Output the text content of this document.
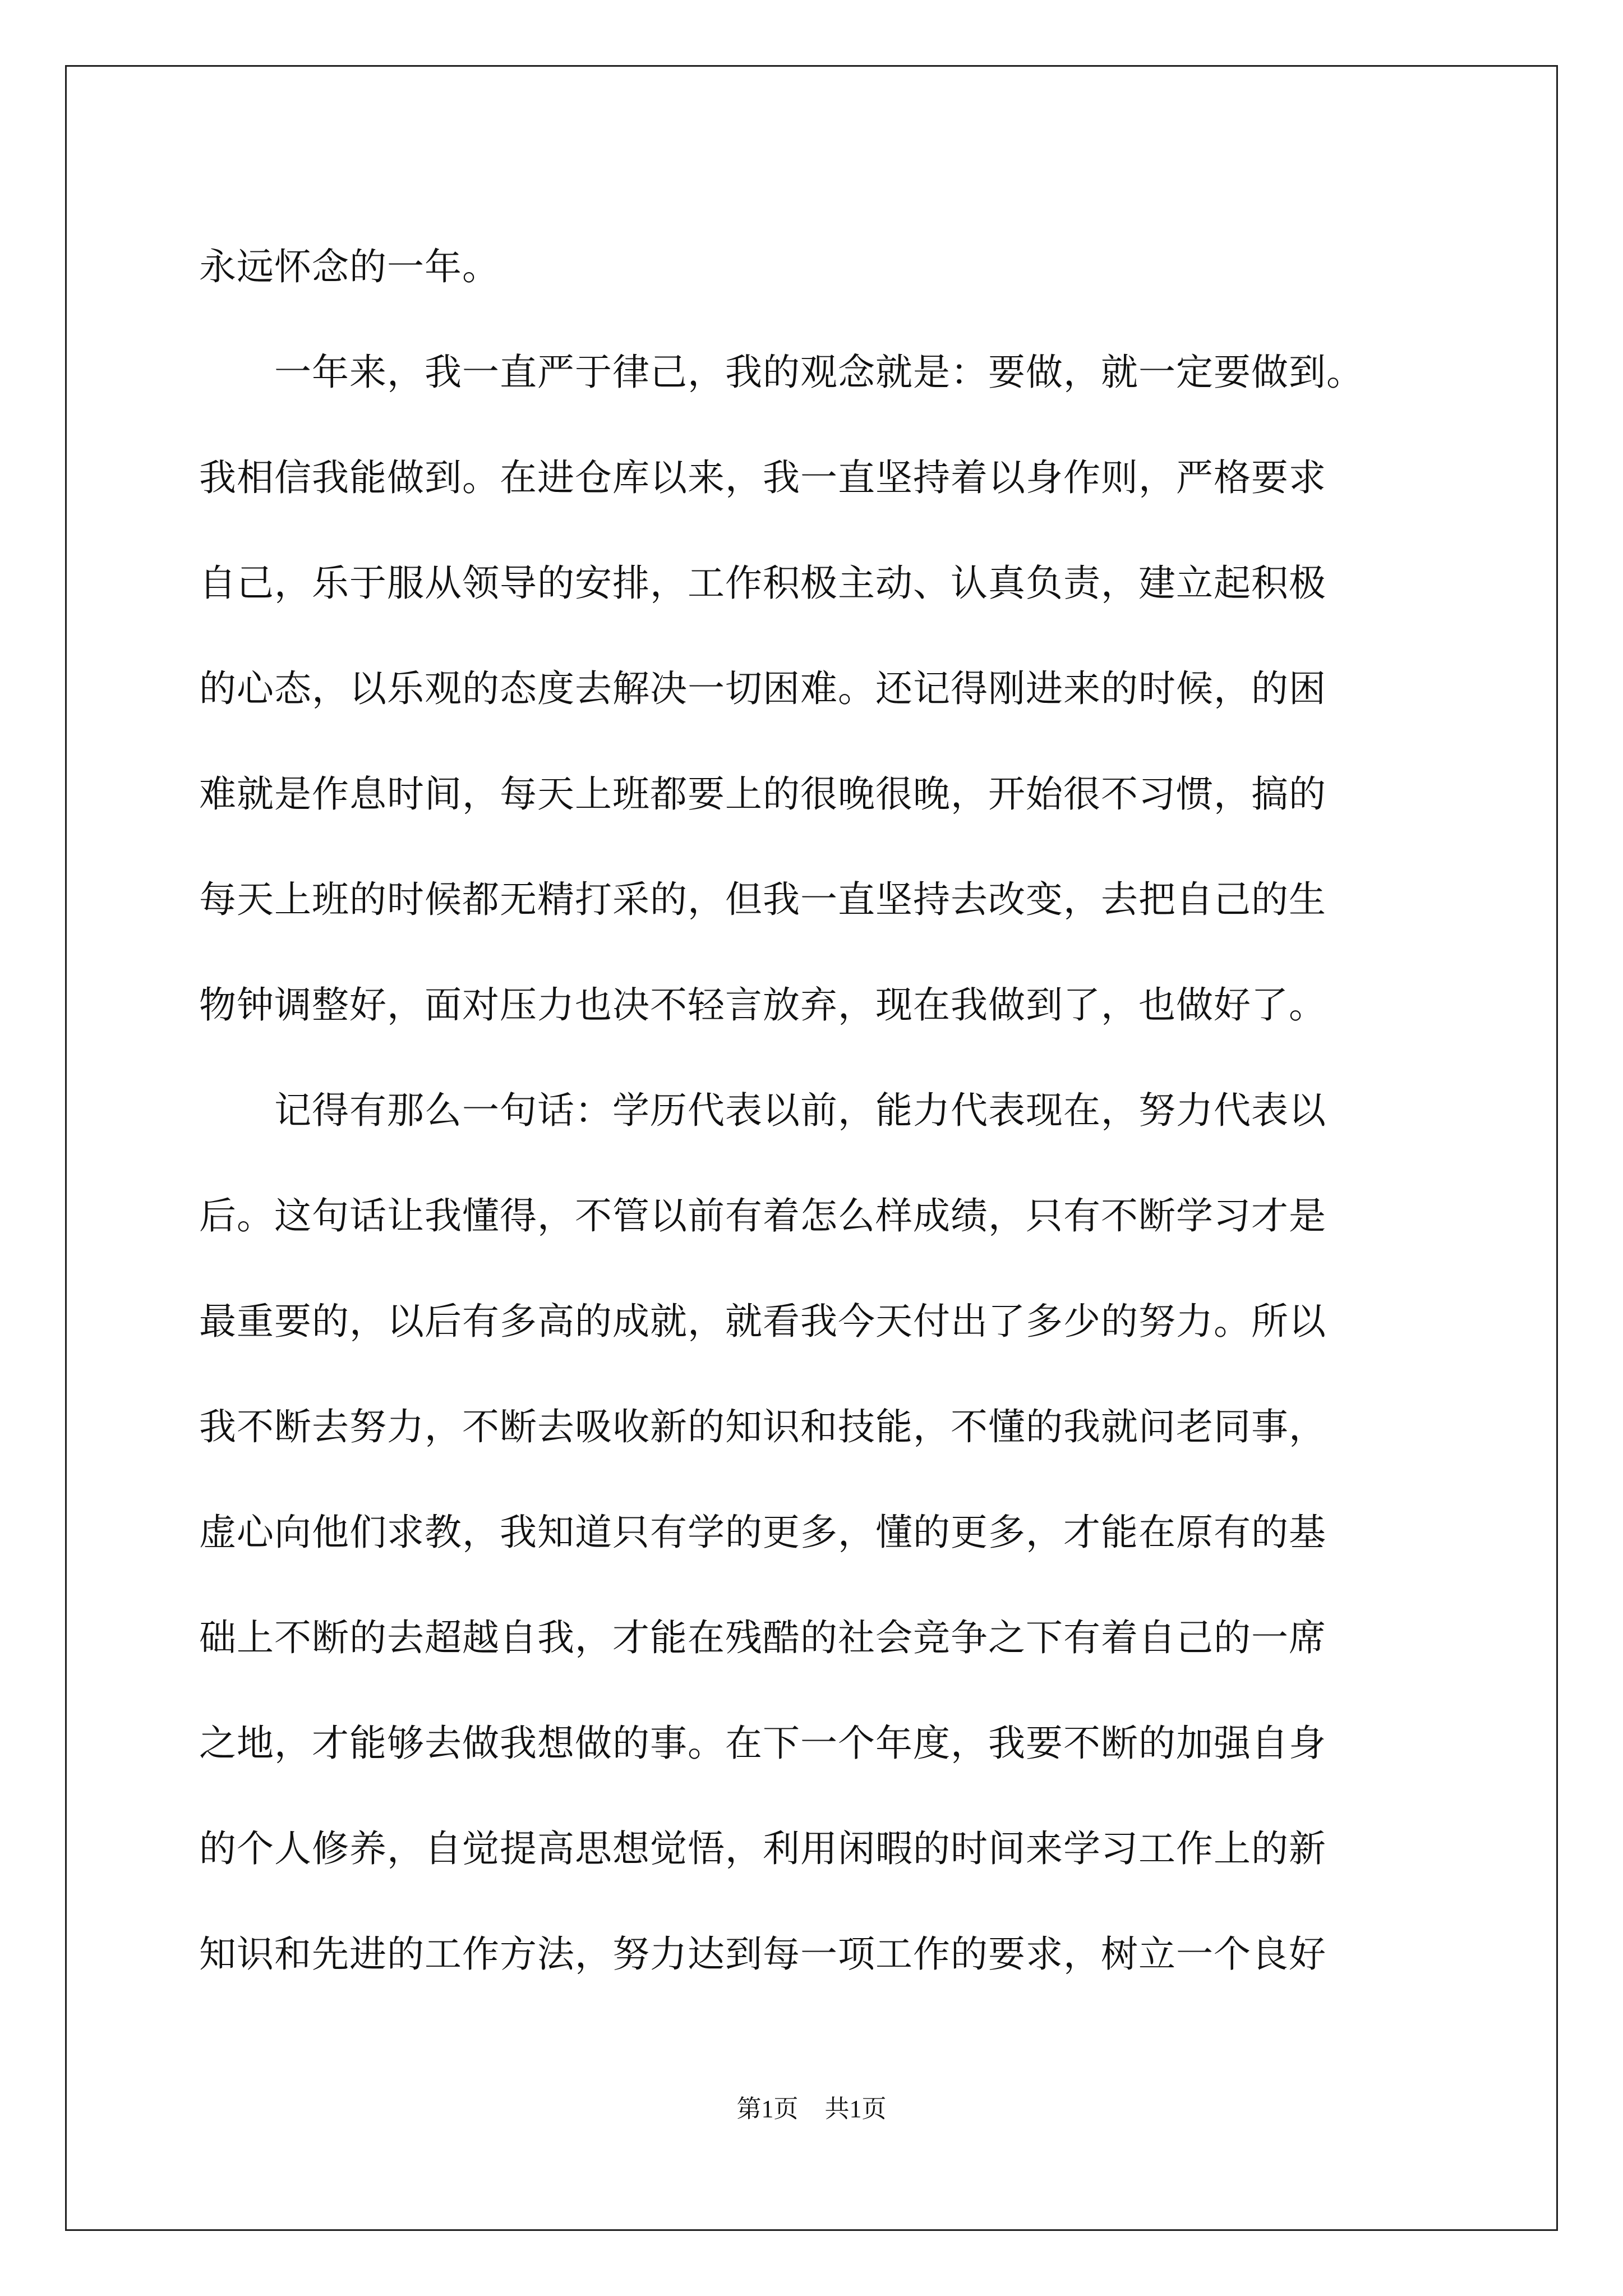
永远怀念的一年。
　　一年来，我一直严于律己，我的观念就是：要做，就一定要做到。
我相信我能做到。在进仓库以来，我一直坚持着以身作则，严格要求
自己，乐于服从领导的安排，工作积极主动、认真负责，建立起积极
的心态，以乐观的态度去解决一切困难。还记得刚进来的时候，的困
难就是作息时间，每天上班都要上的很晚很晚，开始很不习惯，搞的
每天上班的时候都无精打采的，但我一直坚持去改变，去把自己的生
物钟调整好，面对压力也决不轻言放弃，现在我做到了，也做好了。
　　记得有那么一句话：学历代表以前，能力代表现在，努力代表以
后。这句话让我懂得，不管以前有着怎么样成绩，只有不断学习才是
最重要的，以后有多高的成就，就看我今天付出了多少的努力。所以
我不断去努力，不断去吸收新的知识和技能，不懂的我就问老同事，
虚心向他们求教，我知道只有学的更多，懂的更多，才能在原有的基
础上不断的去超越自我，才能在残酷的社会竞争之下有着自己的一席
之地，才能够去做我想做的事。在下一个年度，我要不断的加强自身
的个人修养，自觉提高思想觉悟，利用闲暇的时间来学习工作上的新
知识和先进的工作方法，努力达到每一项工作的要求，树立一个良好
第1页 共1页
